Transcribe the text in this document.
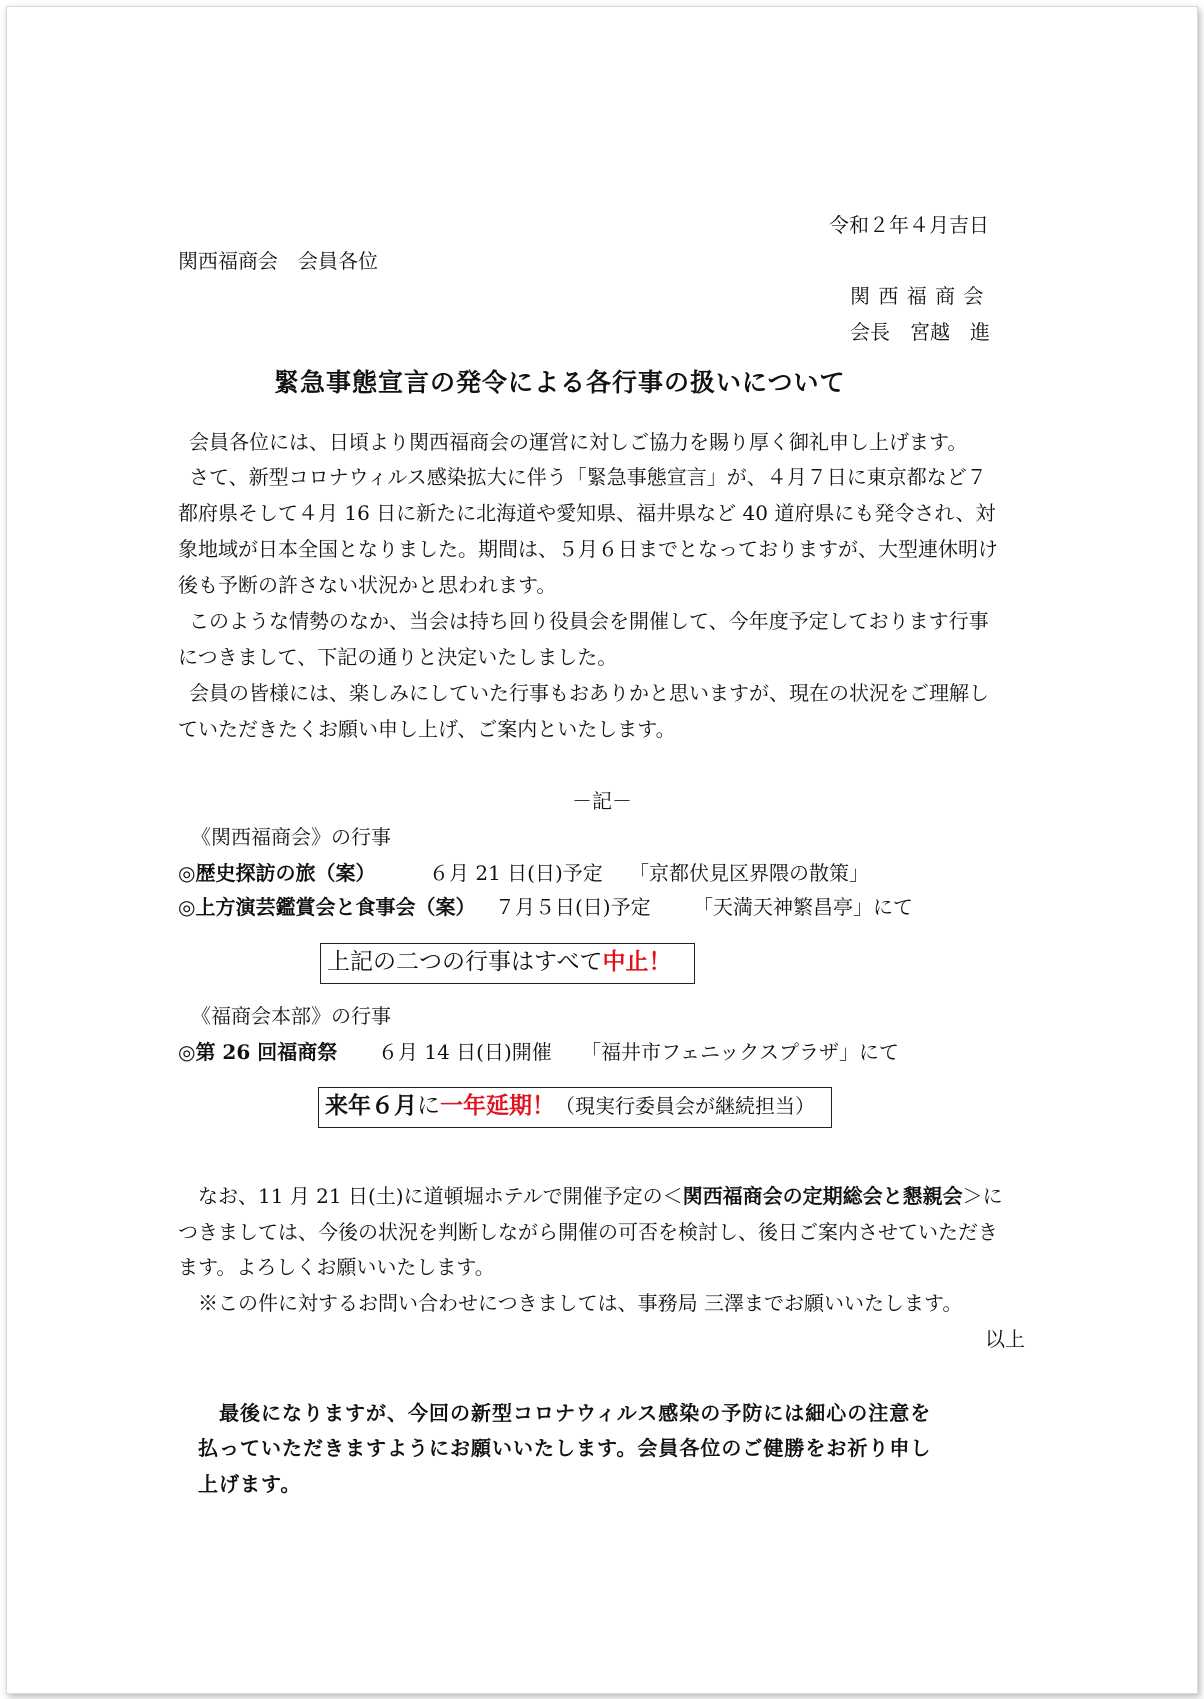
令和２年４月吉日
関西福商会　会員各位
関 西 福 商 会
会長　宮越　進
緊急事態宣言の発令による各行事の扱いについて
会員各位には、日頃より関西福商会の運営に対しご協力を賜り厚く御礼申し上げます。
さて、新型コロナウィルス感染拡大に伴う「緊急事態宣言」が、４月７日に東京都など７
都府県そして４月 16 日に新たに北海道や愛知県、福井県など 40 道府県にも発令され、対
象地域が日本全国となりました。期間は、５月６日までとなっておりますが、大型連休明け
後も予断の許さない状況かと思われます。
このような情勢のなか、当会は持ち回り役員会を開催して、今年度予定しております行事
につきまして、下記の通りと決定いたしました。
会員の皆様には、楽しみにしていた行事もおありかと思いますが、現在の状況をご理解し
ていただきたくお願い申し上げ、ご案内といたします。
－記－
《関西福商会》の行事
◎歴史探訪の旅（案）	６月 21 日(日)予定 「京都伏見区界隈の散策」
◎上方演芸鑑賞会と食事会（案） ７月５日(日)予定 「天満天神繁昌亭」にて
上記の二つの行事はすべて中止！
《福商会本部》の行事
◎第 26 回福商祭 ６月 14 日(日)開催 「福井市フェニックスプラザ」にて
来年６月に一年延期！（現実行委員会が継続担当）
なお、11 月 21 日(土)に道頓堀ホテルで開催予定の＜関西福商会の定期総会と懇親会＞に
つきましては、今後の状況を判断しながら開催の可否を検討し、後日ご案内させていただき
ます。よろしくお願いいたします。
※この件に対するお問い合わせにつきましては、事務局 三澤までお願いいたします。
以上
最後になりますが、今回の新型コロナウィルス感染の予防には細心の注意を
払っていただきますようにお願いいたします。会員各位のご健勝をお祈り申し
上げます。
